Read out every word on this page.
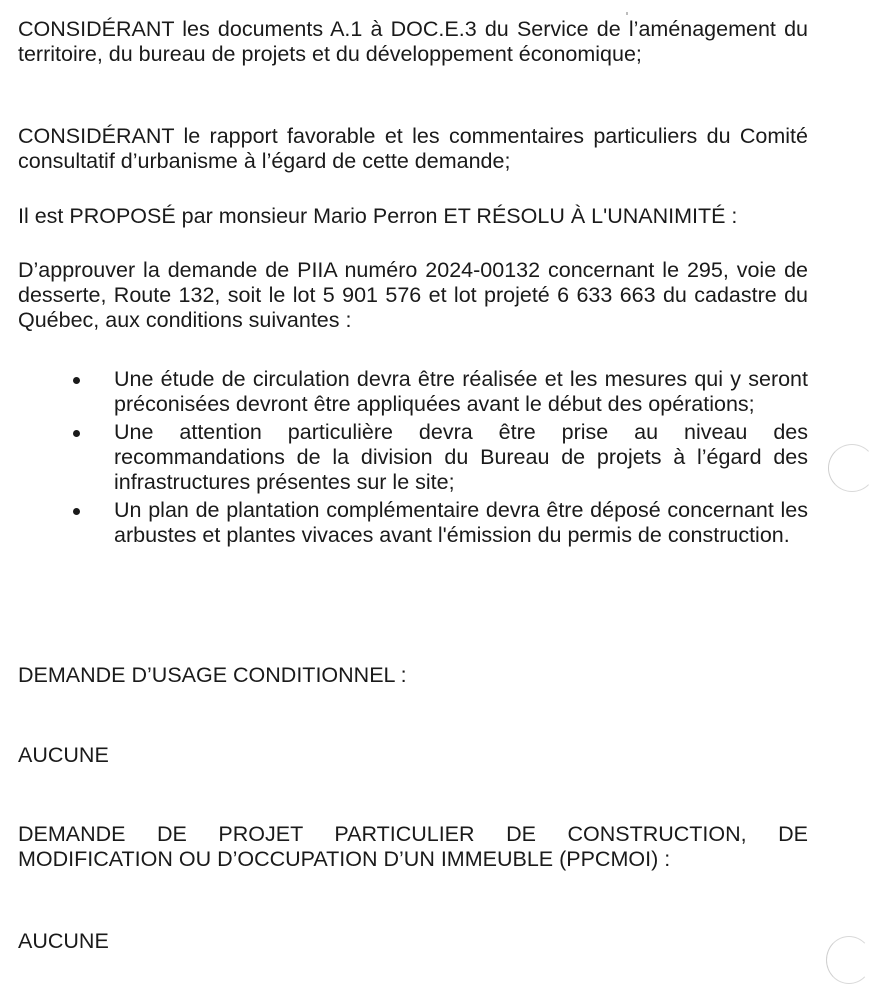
CONSIDÉRANT les documents A.1 à DOC.E.3 du Service de l’aménagement du territoire, du bureau de projets et du développement économique;

CONSIDÉRANT le rapport favorable et les commentaires particuliers du Comité consultatif d’urbanisme à l’égard de cette demande;

Il est PROPOSÉ par monsieur Mario Perron ET RÉSOLU À L'UNANIMITÉ :

D’approuver la demande de PIIA numéro 2024-00132 concernant le 295, voie de desserte, Route 132, soit le lot 5 901 576 et lot projeté 6 633 663 du cadastre du Québec, aux conditions suivantes :

Une étude de circulation devra être réalisée et les mesures qui y seront préconisées devront être appliquées avant le début des opérations;
Une attention particulière devra être prise au niveau des recommandations de la division du Bureau de projets à l’égard des infrastructures présentes sur le site;
Un plan de plantation complémentaire devra être déposé concernant les arbustes et plantes vivaces avant l'émission du permis de construction.

DEMANDE D’USAGE CONDITIONNEL :

AUCUNE

DEMANDE DE PROJET PARTICULIER DE CONSTRUCTION, DE MODIFICATION OU D’OCCUPATION D’UN IMMEUBLE (PPCMOI) :

AUCUNE
